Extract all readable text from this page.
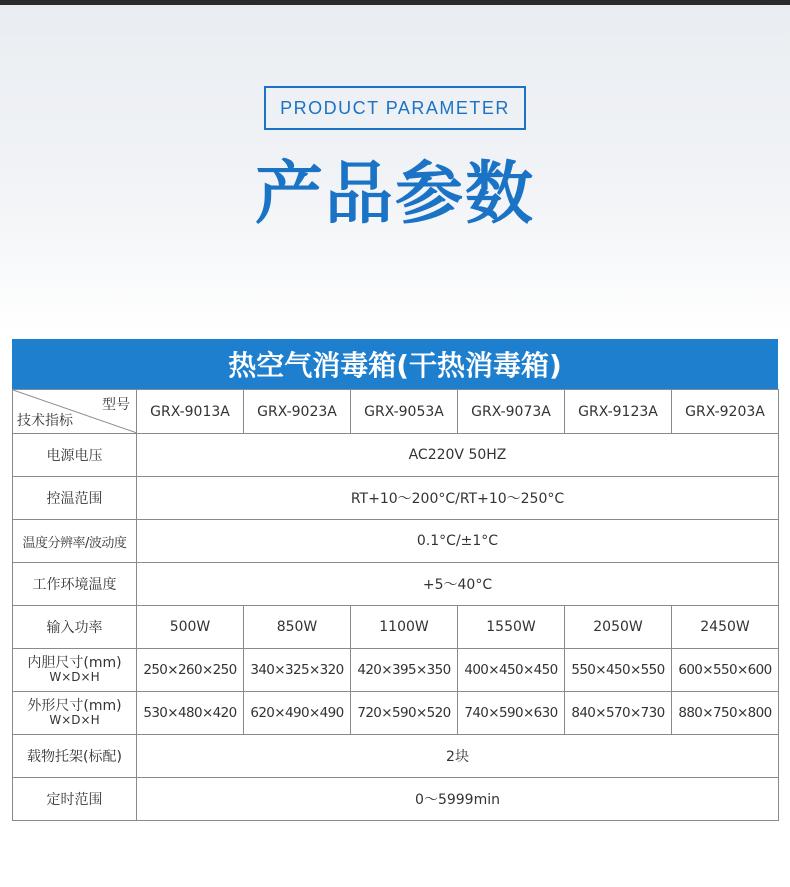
PRODUCT PARAMETER
产品参数
热空气消毒箱(干热消毒箱)
型号
技术指标	GRX-9013A	GRX-9023A	GRX-9053A	GRX-9073A	GRX-9123A	GRX-9203A
电源电压	AC220V 50HZ					
控温范围	RT+10～200°C/RT+10～250°C					
温度分辨率/波动度	0.1°C/±1°C					
工作环境温度	+5～40°C					
输入功率	500W	850W	1100W	1550W	2050W	2450W
内胆尺寸(mm)
W×D×H	250×260×250	340×325×320	420×395×350	400×450×450	550×450×550	600×550×600
外形尺寸(mm)
W×D×H	530×480×420	620×490×490	720×590×520	740×590×630	840×570×730	880×750×800
载物托架(标配)	2块					
定时范围	0～5999min					
